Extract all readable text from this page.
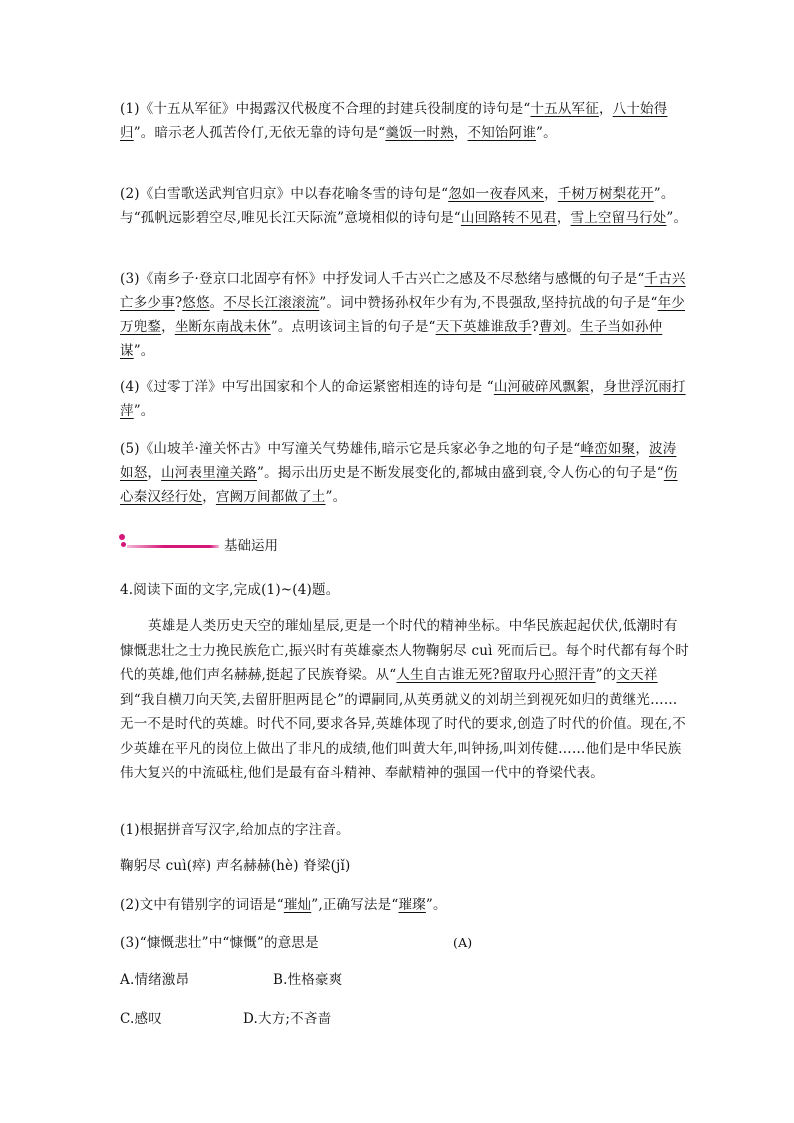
(1)《十五从军征》中揭露汉代极度不合理的封建兵役制度的诗句是“十五从军征，八十始得归”。暗示老人孤苦伶仃,无依无靠的诗句是“羹饭一时熟，不知饴阿谁”。
(2)《白雪歌送武判官归京》中以春花喻冬雪的诗句是“忽如一夜春风来，千树万树梨花开”。与“孤帆远影碧空尽,唯见长江天际流”意境相似的诗句是“山回路转不见君，雪上空留马行处”。
(3)《南乡子·登京口北固亭有怀》中抒发词人千古兴亡之感及不尽愁绪与感慨的句子是“千古兴亡多少事?悠悠。不尽长江滚滚流”。词中赞扬孙权年少有为,不畏强敌,坚持抗战的句子是“年少万兜鍪，坐断东南战未休”。点明该词主旨的句子是“天下英雄谁敌手?曹刘。生子当如孙仲谋”。
(4)《过零丁洋》中写出国家和个人的命运紧密相连的诗句是 “山河破碎风飘絮，身世浮沉雨打萍”。
(5)《山坡羊·潼关怀古》中写潼关气势雄伟,暗示它是兵家必争之地的句子是“峰峦如聚，波涛如怒，山河表里潼关路”。揭示出历史是不断发展变化的,都城由盛到衰,令人伤心的句子是“伤心秦汉经行处，宫阙万间都做了土”。
基础运用
4.阅读下面的文字,完成(1)~(4)题。
英雄是人类历史天空的璀灿星辰,更是一个时代的精神坐标。中华民族起起伏伏,低潮时有慷慨悲壮之士力挽民族危亡,振兴时有英雄豪杰人物鞠躬尽 cuì 死而后已。每个时代都有每个时代的英雄,他们声名赫赫,挺起了民族脊梁。从“人生自古谁无死?留取丹心照汗青”的文天祥到“我自横刀向天笑,去留肝胆两昆仑”的谭嗣同,从英勇就义的刘胡兰到视死如归的黄继光……无一不是时代的英雄。时代不同,要求各异,英雄体现了时代的要求,创造了时代的价值。现在,不少英雄在平凡的岗位上做出了非凡的成绩,他们叫黄大年,叫钟扬,叫刘传健……他们是中华民族伟大复兴的中流砥柱,他们是最有奋斗精神、奉献精神的强国一代中的脊梁代表。
(1)根据拼音写汉字,给加点的字注音。
鞠躬尽 cuì(瘁) 声名赫赫(hè) 脊梁(jǐ)
(2)文中有错别字的词语是“璀灿”,正确写法是“璀璨”。
(3)“慷慨悲壮”中“慷慨”的意思是	(A)
A.情绪激昂	B.性格豪爽
C.感叹	D.大方;不吝啬
